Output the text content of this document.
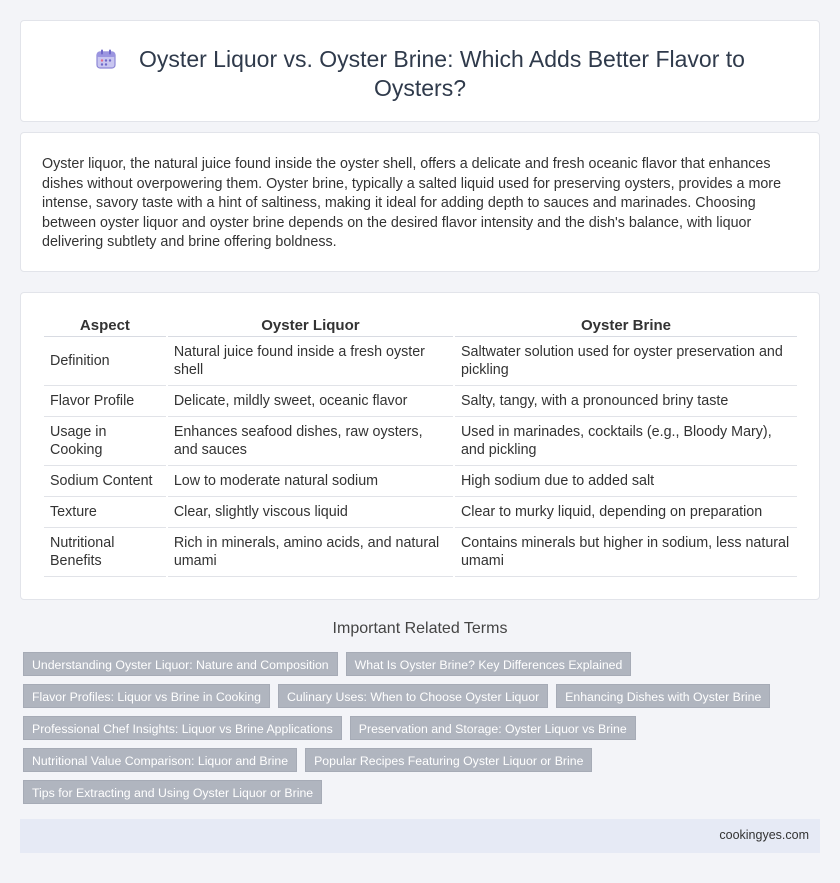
Oyster Liquor vs. Oyster Brine: Which Adds Better Flavor to
Oysters?

Oyster liquor, the natural juice found inside the oyster shell, offers a delicate and fresh oceanic flavor that enhances dishes without overpowering them. Oyster brine, typically a salted liquid used for preserving oysters, provides a more intense, savory taste with a hint of saltiness, making it ideal for adding depth to sauces and marinades. Choosing between oyster liquor and oyster brine depends on the desired flavor intensity and the dish's balance, with liquor delivering subtlety and brine offering boldness.

Aspect	Oyster Liquor	Oyster Brine
Definition	Natural juice found inside a fresh oyster shell	Saltwater solution used for oyster preservation and pickling
Flavor Profile	Delicate, mildly sweet, oceanic flavor	Salty, tangy, with a pronounced briny taste
Usage in Cooking	Enhances seafood dishes, raw oysters, and sauces	Used in marinades, cocktails (e.g., Bloody Mary), and pickling
Sodium Content	Low to moderate natural sodium	High sodium due to added salt
Texture	Clear, slightly viscous liquid	Clear to murky liquid, depending on preparation
Nutritional Benefits	Rich in minerals, amino acids, and natural umami	Contains minerals but higher in sodium, less natural umami
Important Related Terms
Understanding Oyster Liquor: Nature and Composition	What Is Oyster Brine? Key Differences Explained
Flavor Profiles: Liquor vs Brine in Cooking	Culinary Uses: When to Choose Oyster Liquor	Enhancing Dishes with Oyster Brine
Professional Chef Insights: Liquor vs Brine Applications	Preservation and Storage: Oyster Liquor vs Brine
Nutritional Value Comparison: Liquor and Brine	Popular Recipes Featuring Oyster Liquor or Brine
Tips for Extracting and Using Oyster Liquor or Brine
cookingyes.com
